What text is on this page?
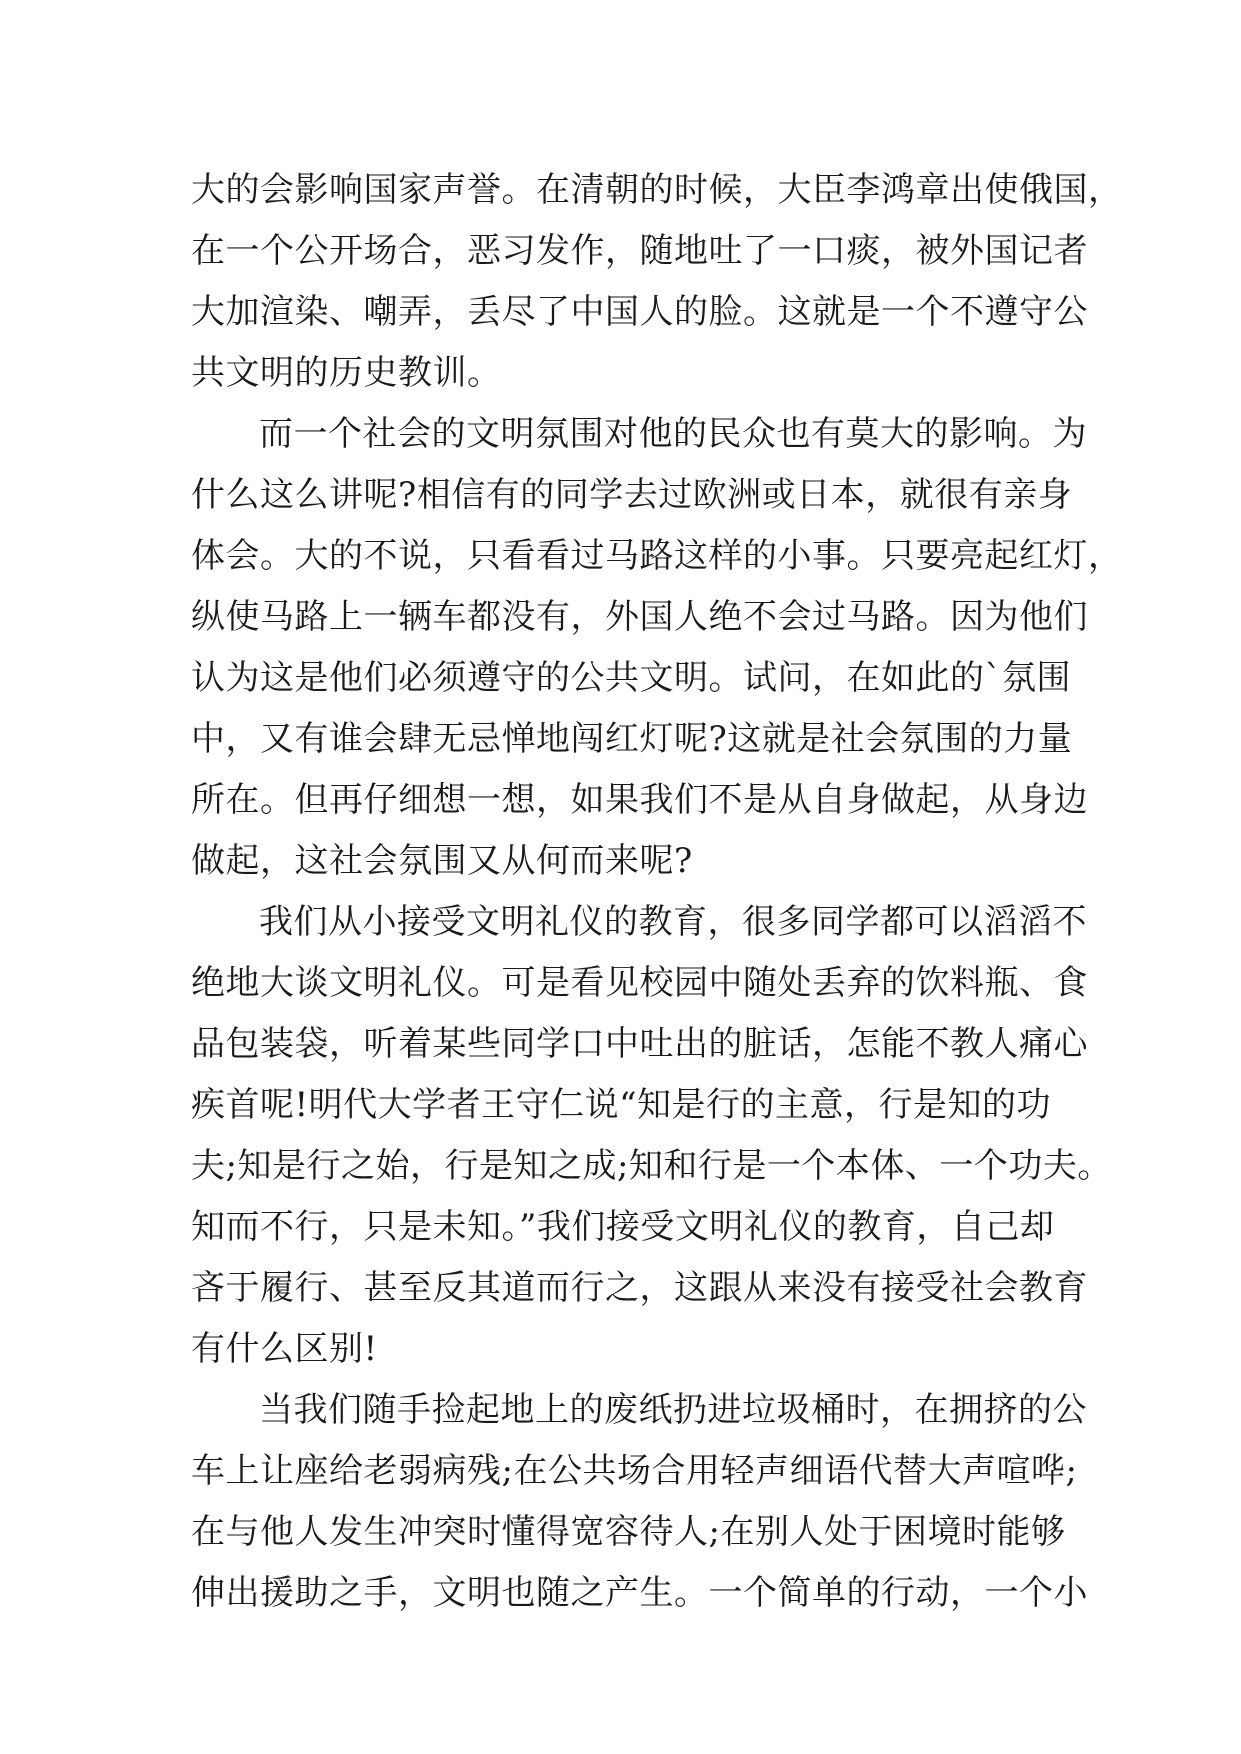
大的会影响国家声誉。在清朝的时候，大臣李鸿章出使俄国，
在一个公开场合，恶习发作，随地吐了一口痰，被外国记者
大加渲染、嘲弄，丢尽了中国人的脸。这就是一个不遵守公
共文明的历史教训。
而一个社会的文明氛围对他的民众也有莫大的影响。为
什么这么讲呢?相信有的同学去过欧洲或日本，就很有亲身
体会。大的不说，只看看过马路这样的小事。只要亮起红灯，
纵使马路上一辆车都没有，外国人绝不会过马路。因为他们
认为这是他们必须遵守的公共文明。试问，在如此的`氛围
中，又有谁会肆无忌惮地闯红灯呢?这就是社会氛围的力量
所在。但再仔细想一想，如果我们不是从自身做起，从身边
做起，这社会氛围又从何而来呢?
我们从小接受文明礼仪的教育，很多同学都可以滔滔不
绝地大谈文明礼仪。可是看见校园中随处丢弃的饮料瓶、食
品包装袋，听着某些同学口中吐出的脏话，怎能不教人痛心
疾首呢!明代大学者王守仁说“知是行的主意，行是知的功
夫;知是行之始，行是知之成;知和行是一个本体、一个功夫。
知而不行，只是未知。”我们接受文明礼仪的教育，自己却
吝于履行、甚至反其道而行之，这跟从来没有接受社会教育
有什么区别!
当我们随手捡起地上的废纸扔进垃圾桶时，在拥挤的公
车上让座给老弱病残;在公共场合用轻声细语代替大声喧哗;
在与他人发生冲突时懂得宽容待人;在别人处于困境时能够
伸出援助之手，文明也随之产生。一个简单的行动，一个小
